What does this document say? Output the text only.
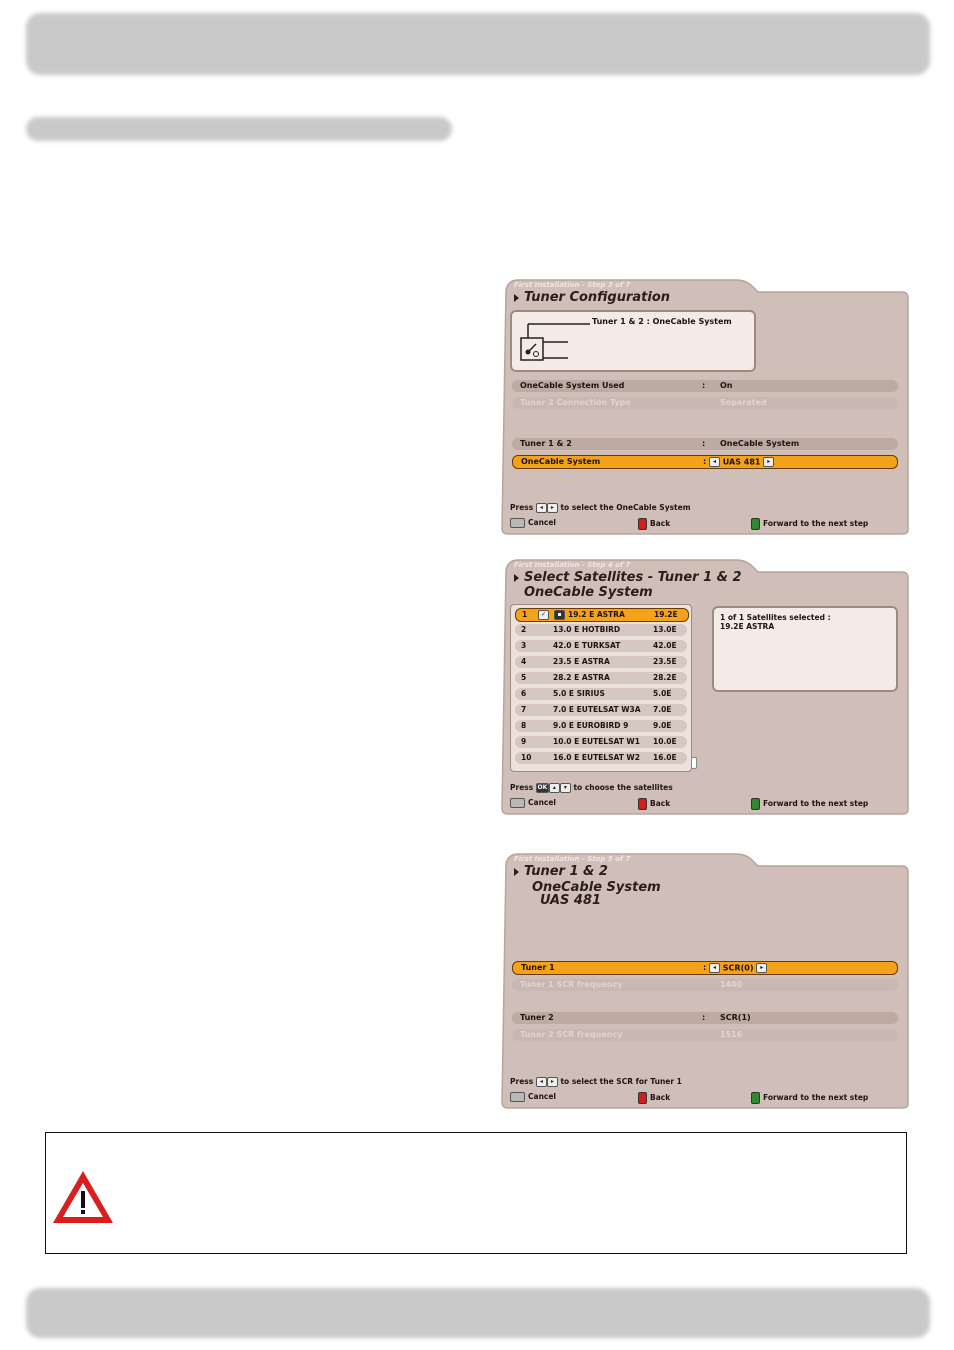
First Installation - Step 3 of 7
Tuner Configuration
Tuner 1 & 2 : OneCable System
OneCable System Used	: On
Tuner 2 Connection Type	Separated
Tuner 1 & 2	: OneCable System
OneCable System	:	◂ UAS 481 ▸
Press ◂ ▸ to select the OneCable System
Cancel	Back	Forward to the next step
First Installation - Step 4 of 7
Select Satellites - Tuner 1 & 2
OneCable System
1	✓	▪ 19.2 E ASTRA	19.2E
2	13.0 E HOTBIRD	13.0E
3	42.0 E TURKSAT	42.0E
4	23.5 E ASTRA	23.5E
5	28.2 E ASTRA	28.2E
6	5.0 E SIRIUS	5.0E
7	7.0 E EUTELSAT W3A 7.0E
8	9.0 E EUROBIRD 9	9.0E
9	10.0 E EUTELSAT W1 10.0E
10	16.0 E EUTELSAT W2 16.0E
1 of 1 Satellites selected :
19.2E ASTRA
Press OK ▴ ▾ to choose the satellites
Cancel	Back	Forward to the next step
First Installation - Step 5 of 7
Tuner 1 & 2
OneCable System
UAS 481
Tuner 1	:	◂ SCR(0) ▸
Tuner 1 SCR frequency	1400
Tuner 2	: SCR(1)
Tuner 2 SCR frequency	1516
Press ◂ ▸ to select the SCR for Tuner 1
Cancel	Back	Forward to the next step
